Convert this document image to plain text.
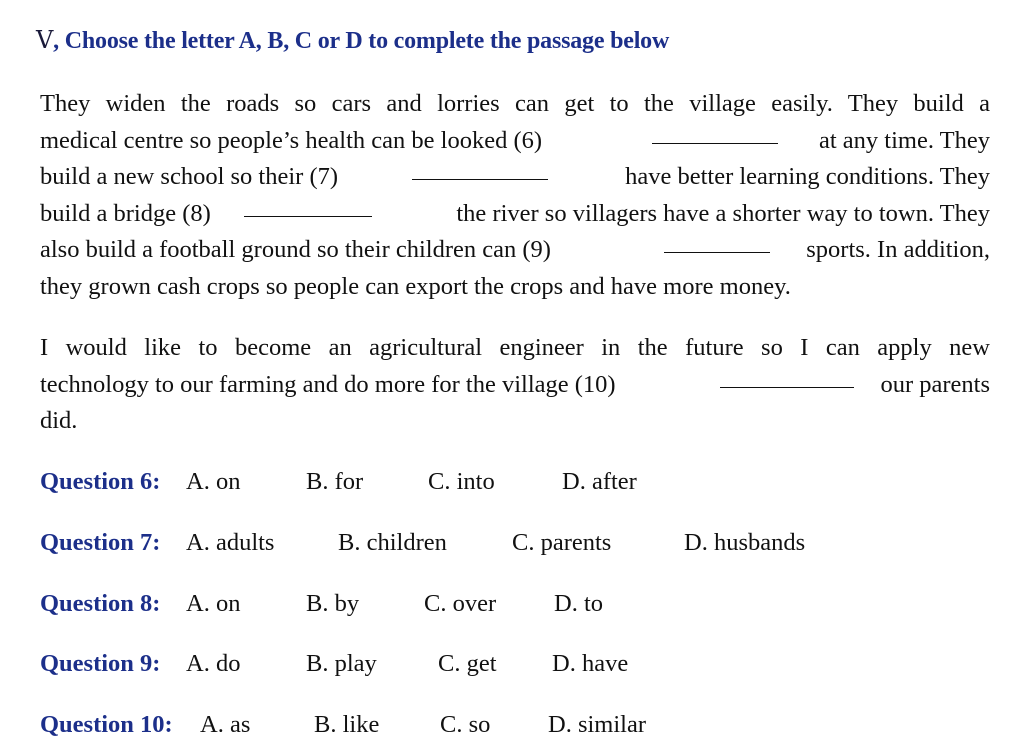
V, Choose the letter A, B, C or D to complete the passage below
They widen the roads so cars and lorries can get to the village easily. They build a
medical centre so people’s health can be looked (6)	at any time. They
build a new school so their (7)	have better learning conditions. They
build a bridge (8)	the river so villagers have a shorter way to town. They
also build a football ground so their children can (9)	sports. In addition,
they grown cash crops so people can export the crops and have more money.
I would like to become an agricultural engineer in the future so I can apply new
technology to our farming and do more for the village (10)	our parents
did.
Question 6: A. on	B. for	C. into	D. after
Question 7: A. adults	B. children	C. parents	D. husbands
Question 8: A. on	B. by	C. over D. to
Question 9: A. do	B. play C. get D. have
Question 10: A. as	B. like C. so D. similar
